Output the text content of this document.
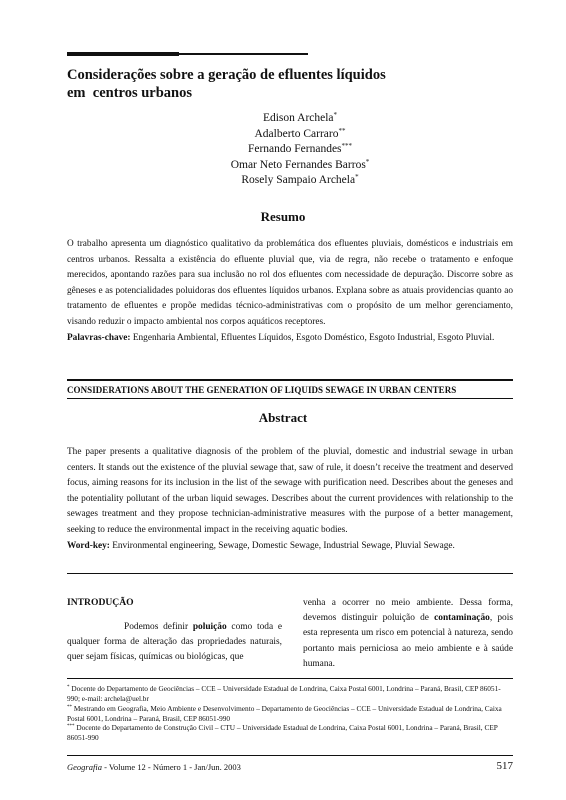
Considerações sobre a geração de efluentes líquidos
em  centros urbanos
Edison Archela*
Adalberto Carraro**
Fernando Fernandes***
Omar Neto Fernandes Barros*
Rosely Sampaio Archela*
Resumo
O trabalho apresenta um diagnóstico qualitativo da problemática dos efluentes pluviais, domésticos e industriais em centros urbanos. Ressalta a existência do efluente pluvial que, via de regra, não recebe o tratamento e enfoque merecidos, apontando razões para sua inclusão no rol dos efluentes com necessidade de depuração. Discorre sobre as gêneses e as potencialidades poluidoras dos efluentes líquidos urbanos. Explana sobre as atuais providencias quanto ao tratamento de efluentes e propõe medidas técnico-administrativas com o propósito de um melhor gerenciamento, visando reduzir o impacto ambiental nos corpos aquáticos receptores.
Palavras-chave: Engenharia Ambiental, Efluentes Líquidos, Esgoto Doméstico, Esgoto Industrial, Esgoto Pluvial.
CONSIDERATIONS ABOUT THE GENERATION OF LIQUIDS SEWAGE IN URBAN CENTERS
Abstract
The paper presents a qualitative diagnosis of the problem of the pluvial, domestic and industrial sewage in urban centers. It stands out the existence of the pluvial sewage that, saw of rule, it doesn’t receive the treatment and deserved focus, aiming reasons for its inclusion in the list of the sewage with purification need. Describes about the geneses and the potentiality pollutant of the urban liquid sewages. Describes about the current providences with relationship to the sewages treatment and they propose technician-administrative measures with the purpose of a better management, seeking to reduce the environmental impact in the receiving aquatic bodies.
Word-key: Environmental engineering, Sewage, Domestic Sewage, Industrial Sewage, Pluvial Sewage.
INTRODUÇÃO
Podemos definir poluição como toda e qualquer forma de alteração das propriedades naturais, quer sejam físicas, químicas ou biológicas, que
venha a ocorrer no meio ambiente. Dessa forma, devemos distinguir poluição de contaminação, pois esta representa um risco em potencial à natureza, sendo portanto mais perniciosa ao meio ambiente e à saúde humana.
* Docente do Departamento de Geociências – CCE – Universidade Estadual de Londrina, Caixa Postal 6001, Londrina – Paraná, Brasil, CEP 86051-990; e-mail: archela@uel.br
** Mestrando em Geografia, Meio Ambiente e Desenvolvimento – Departamento de Geociências – CCE – Universidade Estadual de Londrina, Caixa Postal 6001, Londrina – Paraná, Brasil, CEP 86051-990
*** Docente do Departamento de Construção Civil – CTU – Universidade Estadual de Londrina, Caixa Postal 6001, Londrina – Paraná, Brasil, CEP 86051-990
Geografia - Volume 12 - Número 1 - Jan/Jun. 2003	517
